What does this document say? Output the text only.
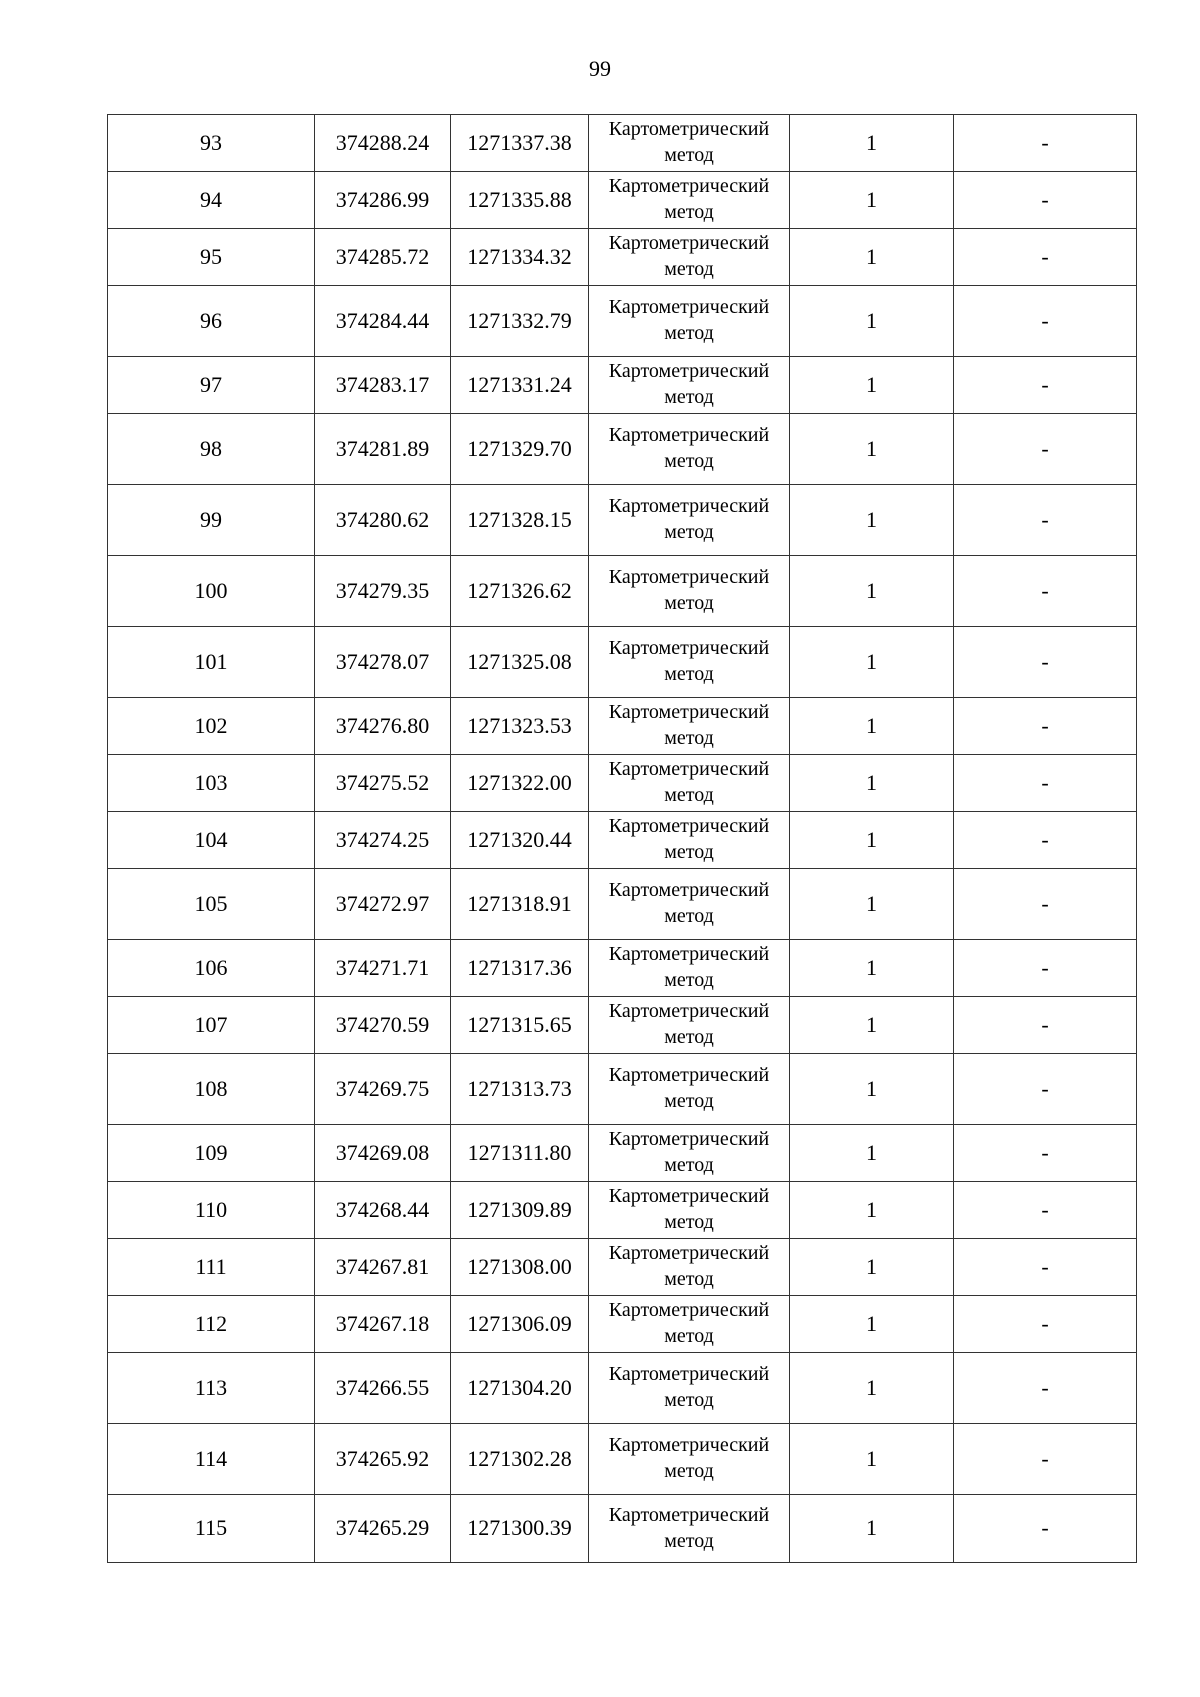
99
93	374288.24	1271337.38	Картометрический метод	1	-
94	374286.99	1271335.88	Картометрический метод	1	-
95	374285.72	1271334.32	Картометрический метод	1	-
96	374284.44	1271332.79	Картометрический метод	1	-
97	374283.17	1271331.24	Картометрический метод	1	-
98	374281.89	1271329.70	Картометрический метод	1	-
99	374280.62	1271328.15	Картометрический метод	1	-
100	374279.35	1271326.62	Картометрический метод	1	-
101	374278.07	1271325.08	Картометрический метод	1	-
102	374276.80	1271323.53	Картометрический метод	1	-
103	374275.52	1271322.00	Картометрический метод	1	-
104	374274.25	1271320.44	Картометрический метод	1	-
105	374272.97	1271318.91	Картометрический метод	1	-
106	374271.71	1271317.36	Картометрический метод	1	-
107	374270.59	1271315.65	Картометрический метод	1	-
108	374269.75	1271313.73	Картометрический метод	1	-
109	374269.08	1271311.80	Картометрический метод	1	-
110	374268.44	1271309.89	Картометрический метод	1	-
111	374267.81	1271308.00	Картометрический метод	1	-
112	374267.18	1271306.09	Картометрический метод	1	-
113	374266.55	1271304.20	Картометрический метод	1	-
114	374265.92	1271302.28	Картометрический метод	1	-
115	374265.29	1271300.39	Картометрический метод	1	-
